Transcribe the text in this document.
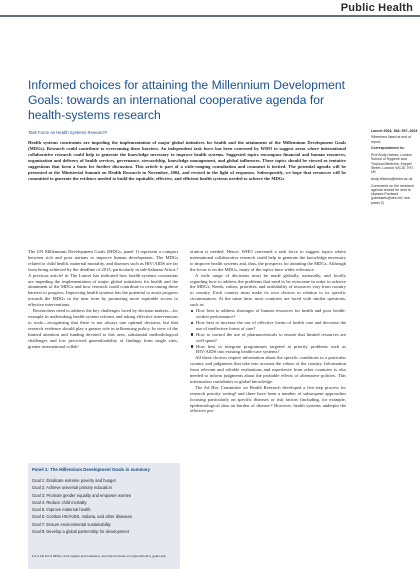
Public Health
Informed choices for attaining the Millennium Development Goals: towards an international cooperative agenda for health-systems research
Task Force on Health Systems Research*

Health systems constraints are impeding the implementation of major global initiatives for health and the attainment of the Millennium Development Goals (MDGs). Research could contribute to overcoming these barriers. An independent task force has been convened by WHO to suggest areas where international collaborative research could help to generate the knowledge necessary to improve health systems. Suggested topics encompass financial and human resources, organisation and delivery of health services, governance, stewardship, knowledge management, and global influences. These topics should be viewed as tentative suggestions that form a basis for further discussion. This article is part of a wide-ranging consultation and comment is invited. The potential agenda will be presented at the Ministerial Summit on Health Research in November, 2004, and revised in the light of responses. Subsequently, we hope that resources will be committed to generate the evidence needed to build the equitable, effective, and efficient health systems needed to achieve the MDGs

Lancet 2004; 364: 997–1003

*Members listed at end of report.

Correspondence to:

Prof Andy Haines, London School of Hygiene and Tropical Medicine, Keppel Street, London WC1E 7HT, UK

Andy.Haines@lshtm.ac.uk

Comments on the research agenda should be sent to Ulysses Panisset (panissetu@who.int; see panel 2)

The UN Millennium Development Goals (MDGs; panel 1) represent a compact between rich and poor nations to improve human development. The MDGs related to child health, maternal mortality, and diseases such as HIV/AIDS are far from being achieved by the deadline of 2015, particularly in sub-Saharan Africa.¹ A previous article² in The Lancet has indicated how health-systems constraints are impeding the implementation of major global initiatives for health and the attainment of the MDGs and how research could contribute to overcoming these barriers to progress. Improving health systems has the potential to assist progress towards the MDGs in the near term by promoting more equitable access to effective interventions.

Researchers need to address the key challenges faced by decision makers—for example in undertaking health-system reforms and taking effective interventions to scale—recognising that there is not always one optimal decision, but that research evidence should play a greater role in influencing policy. In view of the limited attention and funding devoted to this area, substantial methodological challenges and low perceived generalisability of findings from single sites, greater international collab-

oration is needed. Hence, WHO convened a task force to suggest topics where international collaborative research could help to generate the knowledge necessary to improve health systems and, thus, the prospects for attaining the MDGs. Although the focus is on the MDGs, many of the topics have wider relevance.

A wide range of decisions must be made globally, nationally, and locally regarding how to address the problems that need to be overcome in order to achieve the MDGs. Needs, values, priorities, and availability of resources vary from country to country. Each country must make its own choices in relation to its specific circumstances. At the same time, most countries are faced with similar questions, such as:

How best to address shortages of human resources for health and poor health-worker performance?
How best to increase the use of effective forms of health care and decrease the use of ineffective forms of care?
How to control the use of pharmaceuticals to ensure that limited resources are well spent?
How best to integrate programmes targeted at priority problems such as HIV/AIDS into existing health-care systems?

All these choices require information about the specific conditions in a particular country and judgments that take into account the values of the country. Information from relevant and reliable evaluations and experience from other countries is also needed to inform judgments about the probable effects of alternative policies. This information contributes to global knowledge.

The Ad Hoc Committee on Health Research developed a five-step process for research priority setting³ and there have been a number of subsequent approaches focusing particularly on specific diseases or risk factors (including, for example, epidemiological data on burden of disease.⁴ However, health systems underpin the effective pre-

Panel 1: The Millennium Development Goals in summary
Goal 1: Eradicate extreme poverty and hunger
Goal 2: Achieve universal primary education
Goal 3: Promote gender equality and empower women
Goal 4: Reduce child mortality
Goal 5: Improve maternal health
Goal 6: Combat HIV/AIDS, malaria, and other diseases
Goal 7: Ensure environmental sustainability
Goal 8: Develop a global partnership for development
For a full list of MDGs, their targets and indicators, see http://unstats.un.org/unsd/mi/mi_goals.asp
